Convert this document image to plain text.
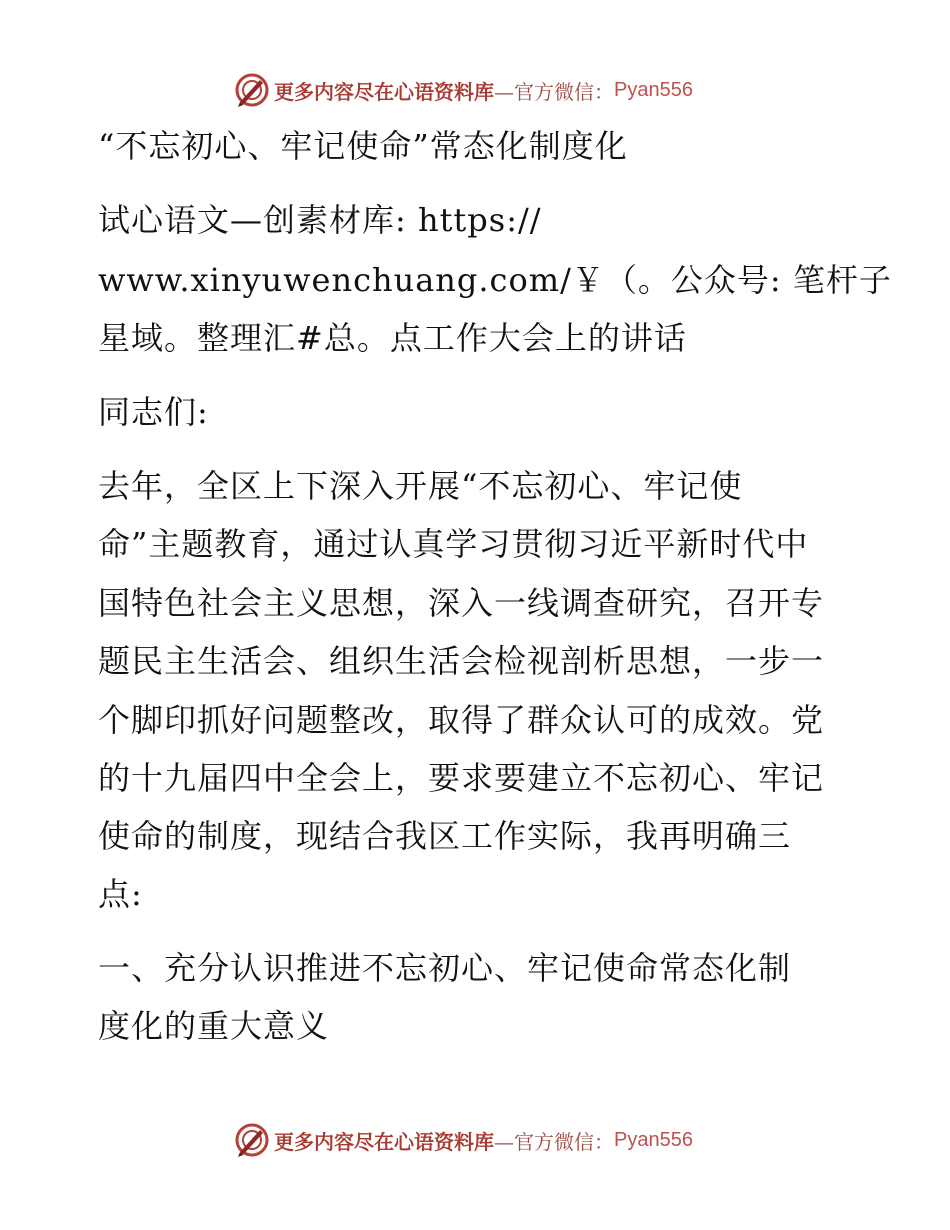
更多内容尽在心语资料库 —官方微信： Pyan556
“不忘初心、牢记使命”常态化制度化
试心语文—创素材库: https://
www.xinyuwenchuang.com/￥（。公众号: 笔杆子
星域。整理汇#总。点工作大会上的讲话
同志们:
去年，全区上下深入开展“不忘初心、牢记使
命”主题教育，通过认真学习贯彻习近平新时代中
国特色社会主义思想，深入一线调查研究，召开专
题民主生活会、组织生活会检视剖析思想，一步一
个脚印抓好问题整改，取得了群众认可的成效。党
的十九届四中全会上，要求要建立不忘初心、牢记
使命的制度，现结合我区工作实际，我再明确三
点:
一、充分认识推进不忘初心、牢记使命常态化制
度化的重大意义
更多内容尽在心语资料库 —官方微信： Pyan556
